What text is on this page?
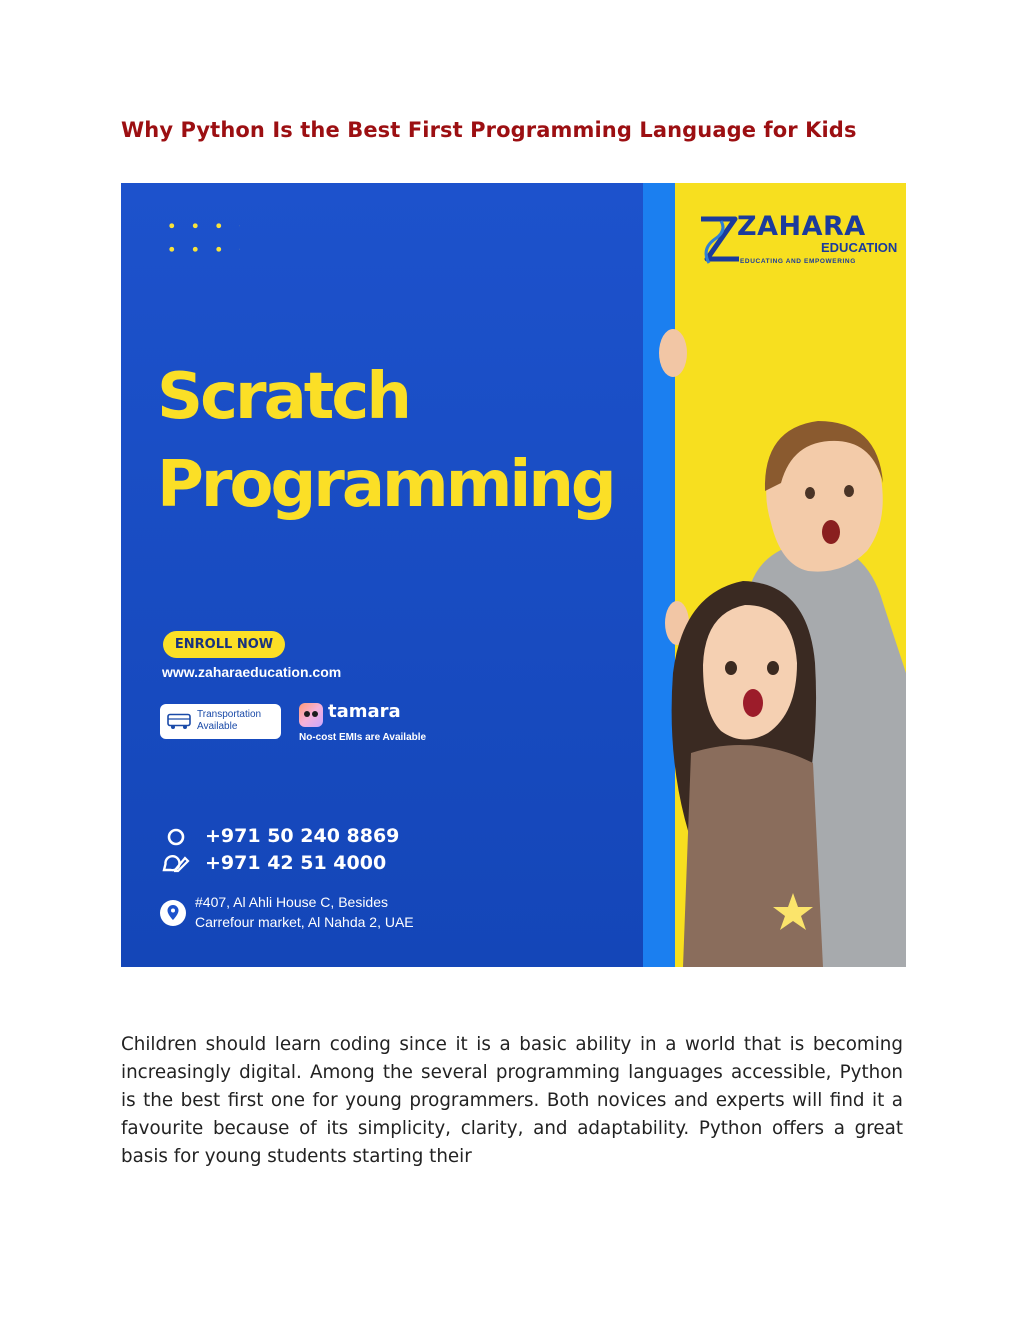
Why Python Is the Best First Programming Language for Kids
Scratch
Programming
ENROLL NOW
www.zaharaeducation.com
Transportation Available
tamara
No-cost EMIs are Available
+971 50 240 8869
+971 42 51 4000
#407, Al Ahli House C, Besides
Carrefour market, Al Nahda 2, UAE
ZAHARA
EDUCATION
EDUCATING AND EMPOWERING

Children should learn coding since it is a basic ability in a world that is becoming increasingly digital. Among the several programming languages accessible, Python is the best first one for young programmers. Both novices and experts will find it a favourite because of its simplicity, clarity, and adaptability. Python offers a great basis for young students starting their
